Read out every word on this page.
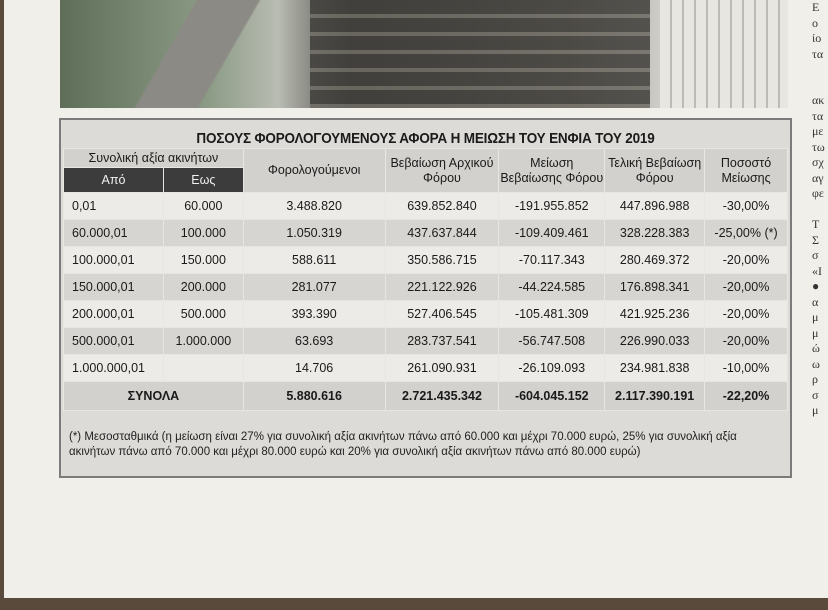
Ε
ο
ίο
τα

ακ
τα
με
τω
σχ
αγ
φε

Τ
Σ
σ
«Ι
●
α
μ
μ
ώ
ω
ρ
σ
μ
ΠΟΣΟΥΣ ΦΟΡΟΛΟΓΟΥΜΕΝΟΥΣ ΑΦΟΡΑ Η ΜΕΙΩΣΗ ΤΟΥ ΕΝΦΙΑ ΤΟΥ 2019
Συνολική αξία ακινήτων		Φορολογούμενοι	Βεβαίωση Αρχικού Φόρου	Μείωση Βεβαίωσης Φόρου	Τελική Βεβαίωση Φόρου	Ποσοστό Μείωσης
Από	Εως					
0,01	60.000	3.488.820	639.852.840	-191.955.852	447.896.988	-30,00%
60.000,01	100.000	1.050.319	437.637.844	-109.409.461	328.228.383	-25,00% (*)
100.000,01	150.000	588.611	350.586.715	-70.117.343	280.469.372	-20,00%
150.000,01	200.000	281.077	221.122.926	-44.224.585	176.898.341	-20,00%
200.000,01	500.000	393.390	527.406.545	-105.481.309	421.925.236	-20,00%
500.000,01	1.000.000	63.693	283.737.541	-56.747.508	226.990.033	-20,00%
1.000.000,01		14.706	261.090.931	-26.109.093	234.981.838	-10,00%
ΣΥΝΟΛΑ		5.880.616	2.721.435.342	-604.045.152	2.117.390.191	-22,20%
(*) Μεσοσταθμικά (η μείωση είναι 27% για συνολική αξία ακινήτων πάνω από 60.000 και μέχρι 70.000 ευρώ, 25% για συνολική αξία ακινήτων πάνω από 70.000 και μέχρι 80.000 ευρώ και 20% για συνολική αξία ακινήτων πάνω από 80.000 ευρώ)
